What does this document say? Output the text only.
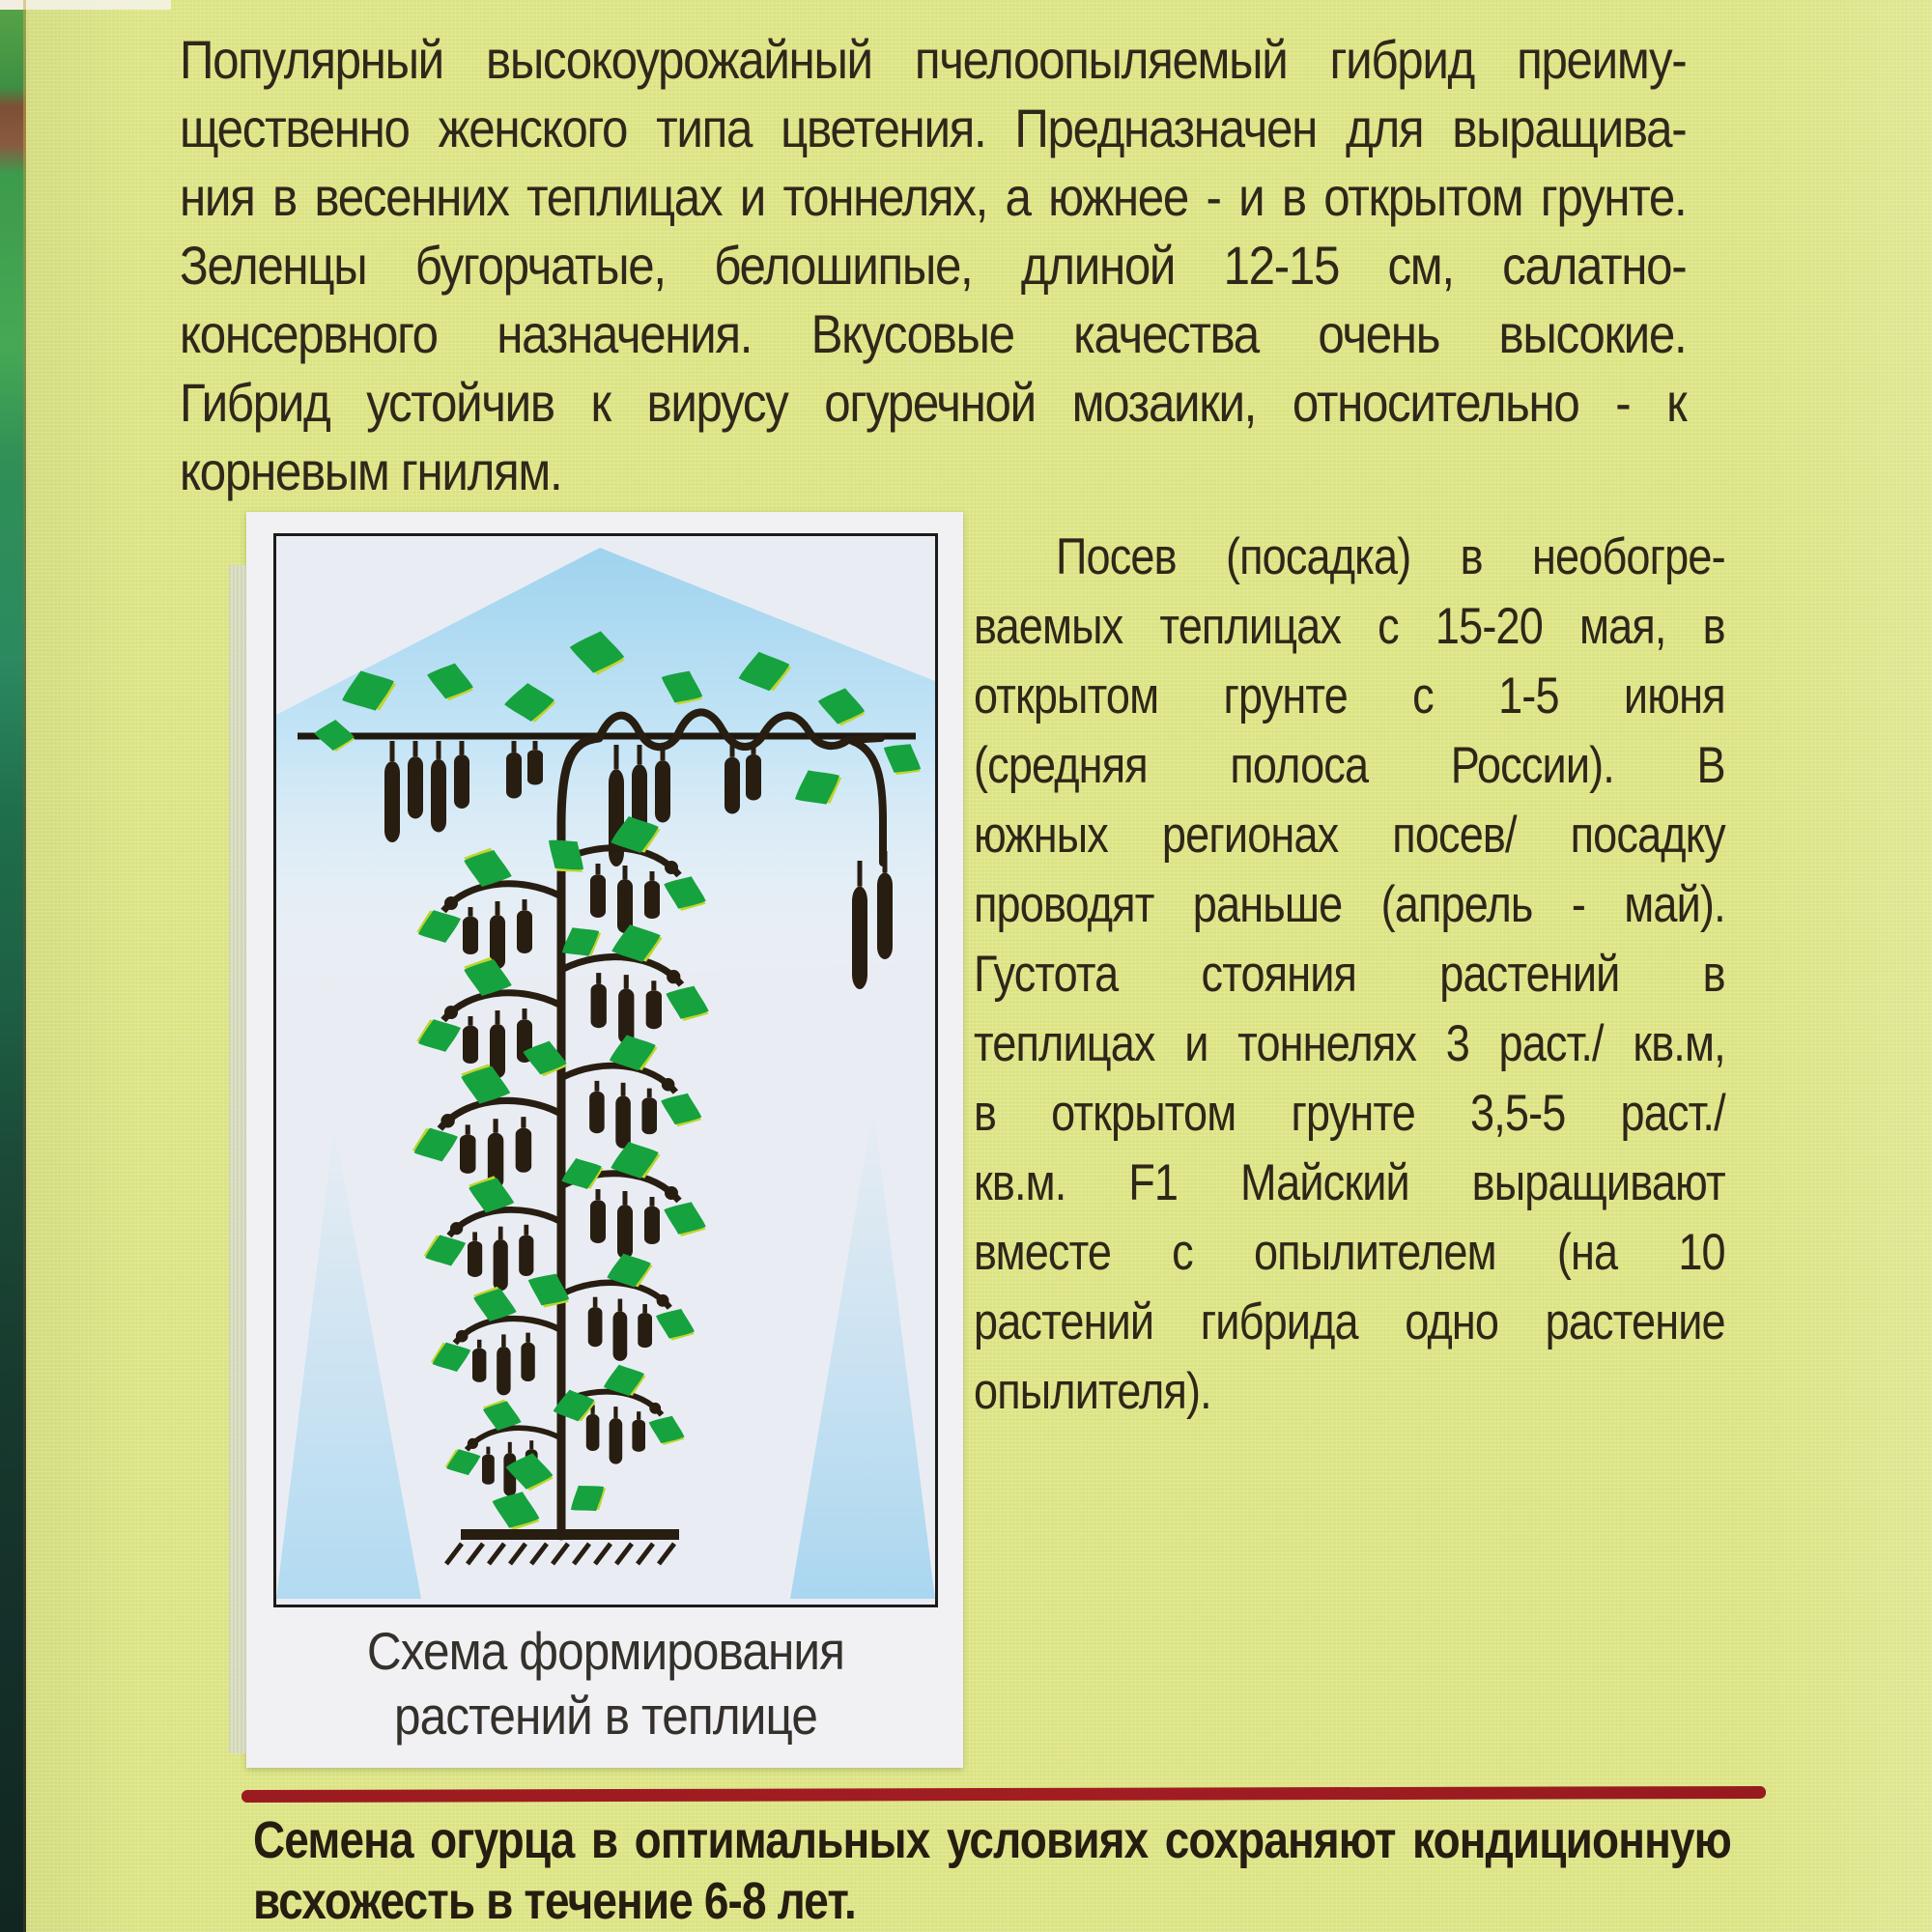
Популярный высокоурожайный пчелоопыляемый гибрид преиму-
щественно женского типа цветения. Предназначен для выращива-
ния в весенних теплицах и тоннелях, а южнее - и в открытом грунте.
Зеленцы бугорчатые, белошипые, длиной 12-15 см, салатно-
консервного назначения. Вкусовые качества очень высокие.
Гибрид устойчив к вирусу огуречной мозаики, относительно - к
корневым гнилям.
Схема формирования
растений в теплице
Посев (посадка) в необогре-
ваемых теплицах с 15-20 мая, в
открытом грунте с 1-5 июня
(средняя полоса России). В
южных регионах посев/ посадку
проводят раньше (апрель - май).
Густота стояния растений в
теплицах и тоннелях 3 раст./ кв.м,
в открытом грунте 3,5-5 раст./
кв.м. F1 Майский выращивают
вместе с опылителем (на 10
растений гибрида одно растение
опылителя).
Семена огурца в оптимальных условиях сохраняют кондиционную
всхожесть в течение 6-8 лет.
